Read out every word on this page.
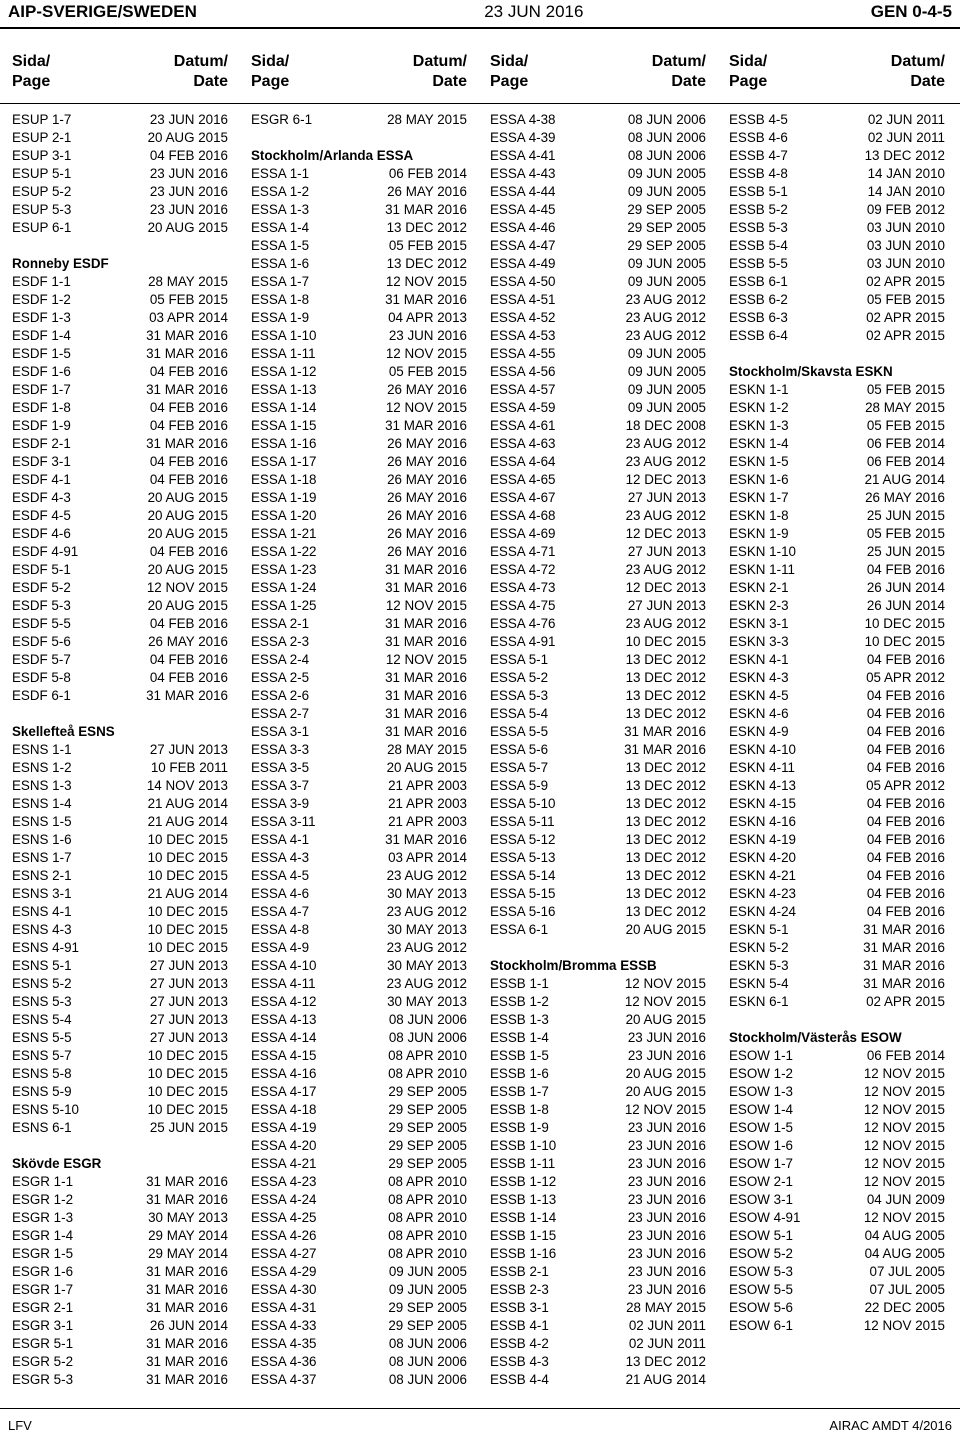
AIP-SVERIGE/SWEDEN	23 JUN 2016	GEN 0-4-5
Sida/
Page
Datum/
Date
ESUP 1-7	23 JUN 2016
ESUP 2-1	20 AUG 2015
ESUP 3-1	04 FEB 2016
ESUP 5-1	23 JUN 2016
ESUP 5-2	23 JUN 2016
ESUP 5-3	23 JUN 2016
ESUP 6-1	20 AUG 2015
Ronneby ESDF
ESDF 1-1	28 MAY 2015
ESDF 1-2	05 FEB 2015
ESDF 1-3	03 APR 2014
ESDF 1-4	31 MAR 2016
ESDF 1-5	31 MAR 2016
ESDF 1-6	04 FEB 2016
ESDF 1-7	31 MAR 2016
ESDF 1-8	04 FEB 2016
ESDF 1-9	04 FEB 2016
ESDF 2-1	31 MAR 2016
ESDF 3-1	04 FEB 2016
ESDF 4-1	04 FEB 2016
ESDF 4-3	20 AUG 2015
ESDF 4-5	20 AUG 2015
ESDF 4-6	20 AUG 2015
ESDF 4-91	04 FEB 2016
ESDF 5-1	20 AUG 2015
ESDF 5-2	12 NOV 2015
ESDF 5-3	20 AUG 2015
ESDF 5-5	04 FEB 2016
ESDF 5-6	26 MAY 2016
ESDF 5-7	04 FEB 2016
ESDF 5-8	04 FEB 2016
ESDF 6-1	31 MAR 2016
Skellefteå ESNS
ESNS 1-1	27 JUN 2013
ESNS 1-2	10 FEB 2011
ESNS 1-3	14 NOV 2013
ESNS 1-4	21 AUG 2014
ESNS 1-5	21 AUG 2014
ESNS 1-6	10 DEC 2015
ESNS 1-7	10 DEC 2015
ESNS 2-1	10 DEC 2015
ESNS 3-1	21 AUG 2014
ESNS 4-1	10 DEC 2015
ESNS 4-3	10 DEC 2015
ESNS 4-91	10 DEC 2015
ESNS 5-1	27 JUN 2013
ESNS 5-2	27 JUN 2013
ESNS 5-3	27 JUN 2013
ESNS 5-4	27 JUN 2013
ESNS 5-5	27 JUN 2013
ESNS 5-7	10 DEC 2015
ESNS 5-8	10 DEC 2015
ESNS 5-9	10 DEC 2015
ESNS 5-10	10 DEC 2015
ESNS 6-1	25 JUN 2015
Skövde ESGR
ESGR 1-1	31 MAR 2016
ESGR 1-2	31 MAR 2016
ESGR 1-3	30 MAY 2013
ESGR 1-4	29 MAY 2014
ESGR 1-5	29 MAY 2014
ESGR 1-6	31 MAR 2016
ESGR 1-7	31 MAR 2016
ESGR 2-1	31 MAR 2016
ESGR 3-1	26 JUN 2014
ESGR 5-1	31 MAR 2016
ESGR 5-2	31 MAR 2016
ESGR 5-3	31 MAR 2016
Sida/
Page
Datum/
Date
ESGR 6-1	28 MAY 2015
Stockholm/Arlanda ESSA
ESSA 1-1	06 FEB 2014
ESSA 1-2	26 MAY 2016
ESSA 1-3	31 MAR 2016
ESSA 1-4	13 DEC 2012
ESSA 1-5	05 FEB 2015
ESSA 1-6	13 DEC 2012
ESSA 1-7	12 NOV 2015
ESSA 1-8	31 MAR 2016
ESSA 1-9	04 APR 2013
ESSA 1-10	23 JUN 2016
ESSA 1-11	12 NOV 2015
ESSA 1-12	05 FEB 2015
ESSA 1-13	26 MAY 2016
ESSA 1-14	12 NOV 2015
ESSA 1-15	31 MAR 2016
ESSA 1-16	26 MAY 2016
ESSA 1-17	26 MAY 2016
ESSA 1-18	26 MAY 2016
ESSA 1-19	26 MAY 2016
ESSA 1-20	26 MAY 2016
ESSA 1-21	26 MAY 2016
ESSA 1-22	26 MAY 2016
ESSA 1-23	31 MAR 2016
ESSA 1-24	31 MAR 2016
ESSA 1-25	12 NOV 2015
ESSA 2-1	31 MAR 2016
ESSA 2-3	31 MAR 2016
ESSA 2-4	12 NOV 2015
ESSA 2-5	31 MAR 2016
ESSA 2-6	31 MAR 2016
ESSA 2-7	31 MAR 2016
ESSA 3-1	31 MAR 2016
ESSA 3-3	28 MAY 2015
ESSA 3-5	20 AUG 2015
ESSA 3-7	21 APR 2003
ESSA 3-9	21 APR 2003
ESSA 3-11	21 APR 2003
ESSA 4-1	31 MAR 2016
ESSA 4-3	03 APR 2014
ESSA 4-5	23 AUG 2012
ESSA 4-6	30 MAY 2013
ESSA 4-7	23 AUG 2012
ESSA 4-8	30 MAY 2013
ESSA 4-9	23 AUG 2012
ESSA 4-10	30 MAY 2013
ESSA 4-11	23 AUG 2012
ESSA 4-12	30 MAY 2013
ESSA 4-13	08 JUN 2006
ESSA 4-14	08 JUN 2006
ESSA 4-15	08 APR 2010
ESSA 4-16	08 APR 2010
ESSA 4-17	29 SEP 2005
ESSA 4-18	29 SEP 2005
ESSA 4-19	29 SEP 2005
ESSA 4-20	29 SEP 2005
ESSA 4-21	29 SEP 2005
ESSA 4-23	08 APR 2010
ESSA 4-24	08 APR 2010
ESSA 4-25	08 APR 2010
ESSA 4-26	08 APR 2010
ESSA 4-27	08 APR 2010
ESSA 4-29	09 JUN 2005
ESSA 4-30	09 JUN 2005
ESSA 4-31	29 SEP 2005
ESSA 4-33	29 SEP 2005
ESSA 4-35	08 JUN 2006
ESSA 4-36	08 JUN 2006
ESSA 4-37	08 JUN 2006
Sida/
Page
Datum/
Date
ESSA 4-38	08 JUN 2006
ESSA 4-39	08 JUN 2006
ESSA 4-41	08 JUN 2006
ESSA 4-43	09 JUN 2005
ESSA 4-44	09 JUN 2005
ESSA 4-45	29 SEP 2005
ESSA 4-46	29 SEP 2005
ESSA 4-47	29 SEP 2005
ESSA 4-49	09 JUN 2005
ESSA 4-50	09 JUN 2005
ESSA 4-51	23 AUG 2012
ESSA 4-52	23 AUG 2012
ESSA 4-53	23 AUG 2012
ESSA 4-55	09 JUN 2005
ESSA 4-56	09 JUN 2005
ESSA 4-57	09 JUN 2005
ESSA 4-59	09 JUN 2005
ESSA 4-61	18 DEC 2008
ESSA 4-63	23 AUG 2012
ESSA 4-64	23 AUG 2012
ESSA 4-65	12 DEC 2013
ESSA 4-67	27 JUN 2013
ESSA 4-68	23 AUG 2012
ESSA 4-69	12 DEC 2013
ESSA 4-71	27 JUN 2013
ESSA 4-72	23 AUG 2012
ESSA 4-73	12 DEC 2013
ESSA 4-75	27 JUN 2013
ESSA 4-76	23 AUG 2012
ESSA 4-91	10 DEC 2015
ESSA 5-1	13 DEC 2012
ESSA 5-2	13 DEC 2012
ESSA 5-3	13 DEC 2012
ESSA 5-4	13 DEC 2012
ESSA 5-5	31 MAR 2016
ESSA 5-6	31 MAR 2016
ESSA 5-7	13 DEC 2012
ESSA 5-9	13 DEC 2012
ESSA 5-10	13 DEC 2012
ESSA 5-11	13 DEC 2012
ESSA 5-12	13 DEC 2012
ESSA 5-13	13 DEC 2012
ESSA 5-14	13 DEC 2012
ESSA 5-15	13 DEC 2012
ESSA 5-16	13 DEC 2012
ESSA 6-1	20 AUG 2015
Stockholm/Bromma ESSB
ESSB 1-1	12 NOV 2015
ESSB 1-2	12 NOV 2015
ESSB 1-3	20 AUG 2015
ESSB 1-4	23 JUN 2016
ESSB 1-5	23 JUN 2016
ESSB 1-6	20 AUG 2015
ESSB 1-7	20 AUG 2015
ESSB 1-8	12 NOV 2015
ESSB 1-9	23 JUN 2016
ESSB 1-10	23 JUN 2016
ESSB 1-11	23 JUN 2016
ESSB 1-12	23 JUN 2016
ESSB 1-13	23 JUN 2016
ESSB 1-14	23 JUN 2016
ESSB 1-15	23 JUN 2016
ESSB 1-16	23 JUN 2016
ESSB 2-1	23 JUN 2016
ESSB 2-3	23 JUN 2016
ESSB 3-1	28 MAY 2015
ESSB 4-1	02 JUN 2011
ESSB 4-2	02 JUN 2011
ESSB 4-3	13 DEC 2012
ESSB 4-4	21 AUG 2014
Sida/
Page
Datum/
Date
ESSB 4-5	02 JUN 2011
ESSB 4-6	02 JUN 2011
ESSB 4-7	13 DEC 2012
ESSB 4-8	14 JAN 2010
ESSB 5-1	14 JAN 2010
ESSB 5-2	09 FEB 2012
ESSB 5-3	03 JUN 2010
ESSB 5-4	03 JUN 2010
ESSB 5-5	03 JUN 2010
ESSB 6-1	02 APR 2015
ESSB 6-2	05 FEB 2015
ESSB 6-3	02 APR 2015
ESSB 6-4	02 APR 2015
Stockholm/Skavsta ESKN
ESKN 1-1	05 FEB 2015
ESKN 1-2	28 MAY 2015
ESKN 1-3	05 FEB 2015
ESKN 1-4	06 FEB 2014
ESKN 1-5	06 FEB 2014
ESKN 1-6	21 AUG 2014
ESKN 1-7	26 MAY 2016
ESKN 1-8	25 JUN 2015
ESKN 1-9	05 FEB 2015
ESKN 1-10	25 JUN 2015
ESKN 1-11	04 FEB 2016
ESKN 2-1	26 JUN 2014
ESKN 2-3	26 JUN 2014
ESKN 3-1	10 DEC 2015
ESKN 3-3	10 DEC 2015
ESKN 4-1	04 FEB 2016
ESKN 4-3	05 APR 2012
ESKN 4-5	04 FEB 2016
ESKN 4-6	04 FEB 2016
ESKN 4-9	04 FEB 2016
ESKN 4-10	04 FEB 2016
ESKN 4-11	04 FEB 2016
ESKN 4-13	05 APR 2012
ESKN 4-15	04 FEB 2016
ESKN 4-16	04 FEB 2016
ESKN 4-19	04 FEB 2016
ESKN 4-20	04 FEB 2016
ESKN 4-21	04 FEB 2016
ESKN 4-23	04 FEB 2016
ESKN 4-24	04 FEB 2016
ESKN 5-1	31 MAR 2016
ESKN 5-2	31 MAR 2016
ESKN 5-3	31 MAR 2016
ESKN 5-4	31 MAR 2016
ESKN 6-1	02 APR 2015
Stockholm/Västerås ESOW
ESOW 1-1	06 FEB 2014
ESOW 1-2	12 NOV 2015
ESOW 1-3	12 NOV 2015
ESOW 1-4	12 NOV 2015
ESOW 1-5	12 NOV 2015
ESOW 1-6	12 NOV 2015
ESOW 1-7	12 NOV 2015
ESOW 2-1	12 NOV 2015
ESOW 3-1	04 JUN 2009
ESOW 4-91	12 NOV 2015
ESOW 5-1	04 AUG 2005
ESOW 5-2	04 AUG 2005
ESOW 5-3	07 JUL 2005
ESOW 5-5	07 JUL 2005
ESOW 5-6	22 DEC 2005
ESOW 6-1	12 NOV 2015
LFV	AIRAC AMDT 4/2016
